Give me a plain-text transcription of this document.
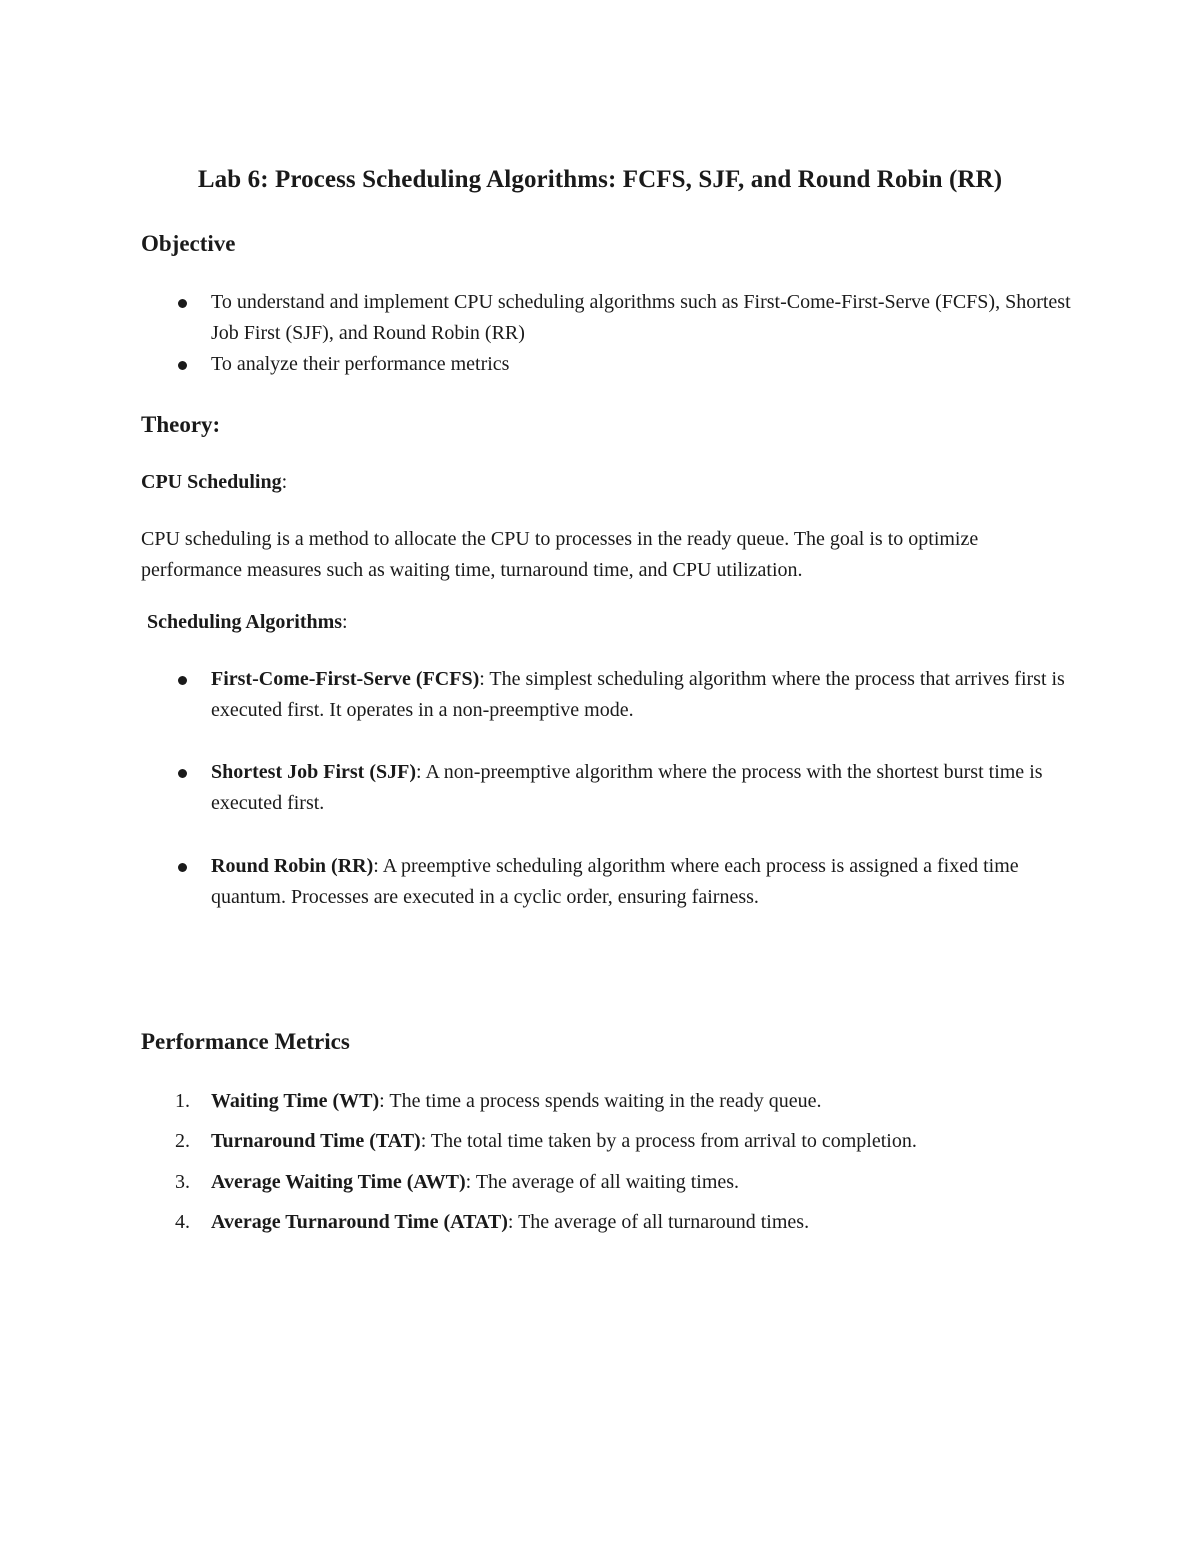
Lab 6: Process Scheduling Algorithms: FCFS, SJF, and Round Robin (RR)
Objective
To understand and implement CPU scheduling algorithms such as First-Come-First-Serve (FCFS), Shortest Job First (SJF), and Round Robin (RR)
To analyze their performance metrics
Theory:
CPU Scheduling:
CPU scheduling is a method to allocate the CPU to processes in the ready queue. The goal is to optimize performance measures such as waiting time, turnaround time, and CPU utilization.
Scheduling Algorithms:
First-Come-First-Serve (FCFS): The simplest scheduling algorithm where the process that arrives first is executed first. It operates in a non-preemptive mode.
Shortest Job First (SJF): A non-preemptive algorithm where the process with the shortest burst time is executed first.
Round Robin (RR): A preemptive scheduling algorithm where each process is assigned a fixed time quantum. Processes are executed in a cyclic order, ensuring fairness.
Performance Metrics
1. Waiting Time (WT): The time a process spends waiting in the ready queue.
2. Turnaround Time (TAT): The total time taken by a process from arrival to completion.
3. Average Waiting Time (AWT): The average of all waiting times.
4. Average Turnaround Time (ATAT): The average of all turnaround times.
